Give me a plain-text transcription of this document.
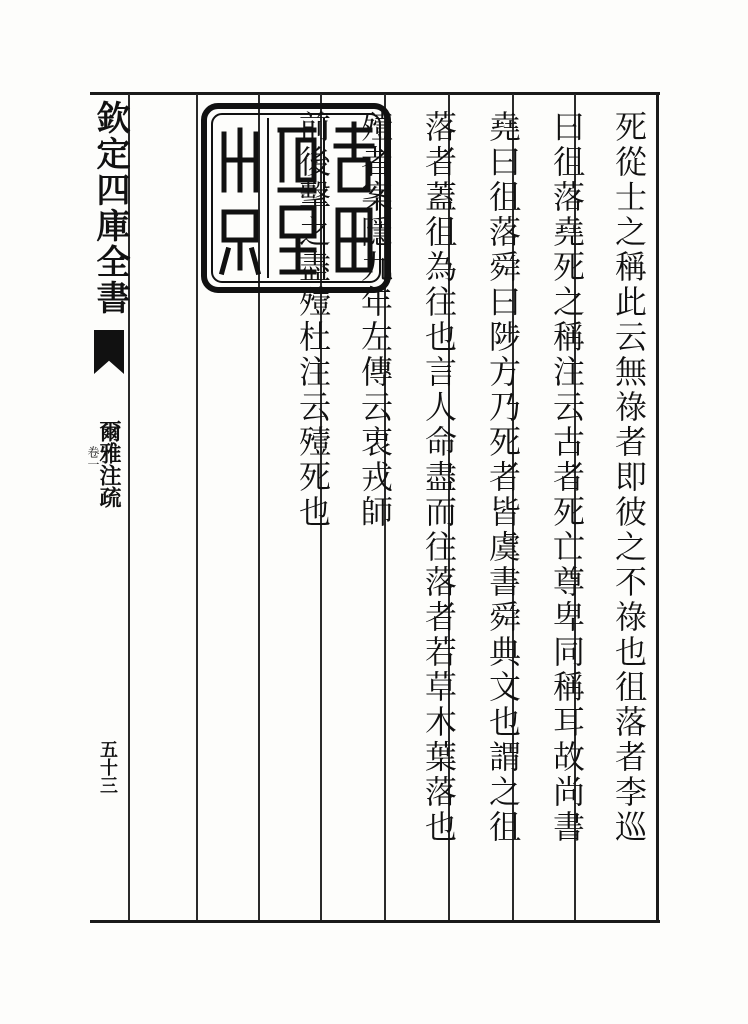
欽定四庫全書
爾雅注疏
卷一
五十三	死從士之稱此云無祿者即彼之不祿也徂落者李巡
曰徂落堯死之稱注云古者死亡尊卑同稱耳故尚書
堯曰徂落舜曰陟方乃死者皆虞書舜典文也謂之徂
落者蓋徂為往也言人命盡而往落者若草木葉落也
殪者案隱九年左傳云衷戎師
前後擊之盡殪杜注云殪死也
